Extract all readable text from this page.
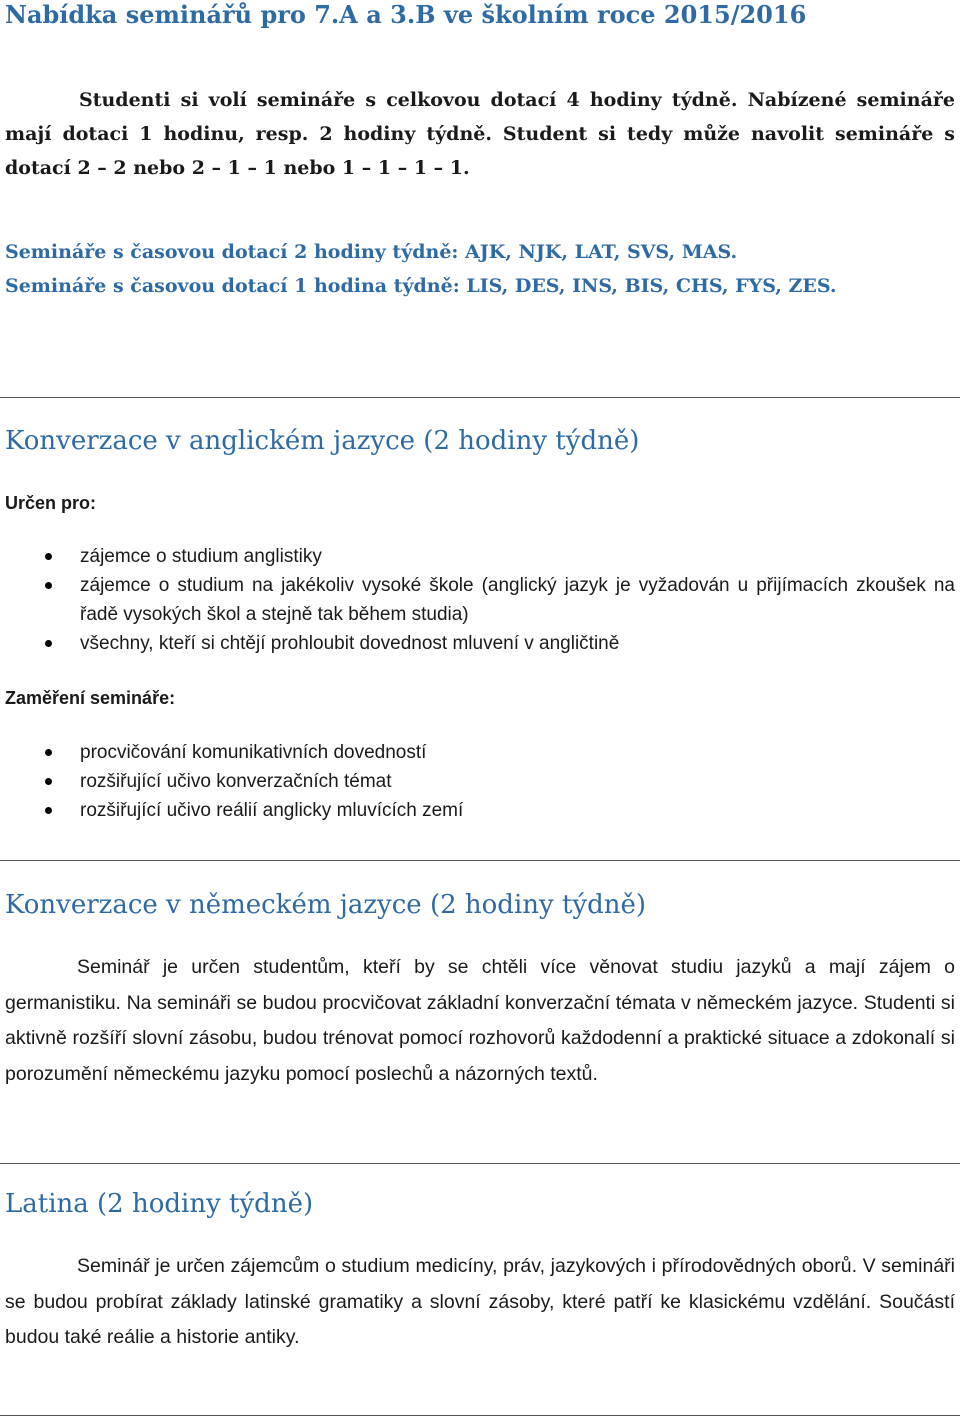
Nabídka seminářů pro 7.A a 3.B ve školním roce 2015/2016

Studenti si volí semináře s celkovou dotací 4 hodiny týdně. Nabízené semináře mají dotaci 1 hodinu, resp. 2 hodiny týdně. Student si tedy může navolit semináře s dotací 2 – 2 nebo 2 – 1 – 1 nebo 1 – 1 – 1 – 1.

Semináře s časovou dotací 2 hodiny týdně: AJK, NJK, LAT, SVS, MAS.

Semináře s časovou dotací 1 hodina týdně: LIS, DES, INS, BIS, CHS, FYS, ZES.

Konverzace v anglickém jazyce (2 hodiny týdně)
Určen pro:
zájemce o studium anglistiky
zájemce o studium na jakékoliv vysoké škole (anglický jazyk je vyžadován u přijímacích zkoušek na řadě vysokých škol a stejně tak během studia)
všechny, kteří si chtějí prohloubit dovednost mluvení v angličtině
Zaměření semináře:
procvičování komunikativních dovedností
rozšiřující učivo konverzačních témat
rozšiřující učivo reálií anglicky mluvících zemí
Konverzace v německém jazyce (2 hodiny týdně)

Seminář je určen studentům, kteří by se chtěli více věnovat studiu jazyků a mají zájem o germanistiku. Na semináři se budou procvičovat základní konverzační témata v německém jazyce. Studenti si aktivně rozšíří slovní zásobu, budou trénovat pomocí rozhovorů každodenní a praktické situace a zdokonalí si porozumění německému jazyku pomocí poslechů a názorných textů.

Latina (2 hodiny týdně)

Seminář je určen zájemcům o studium medicíny, práv, jazykových i přírodovědných oborů. V semináři se budou probírat základy latinské gramatiky a slovní zásoby, které patří ke klasickému vzdělání. Součástí budou také reálie a historie antiky.
